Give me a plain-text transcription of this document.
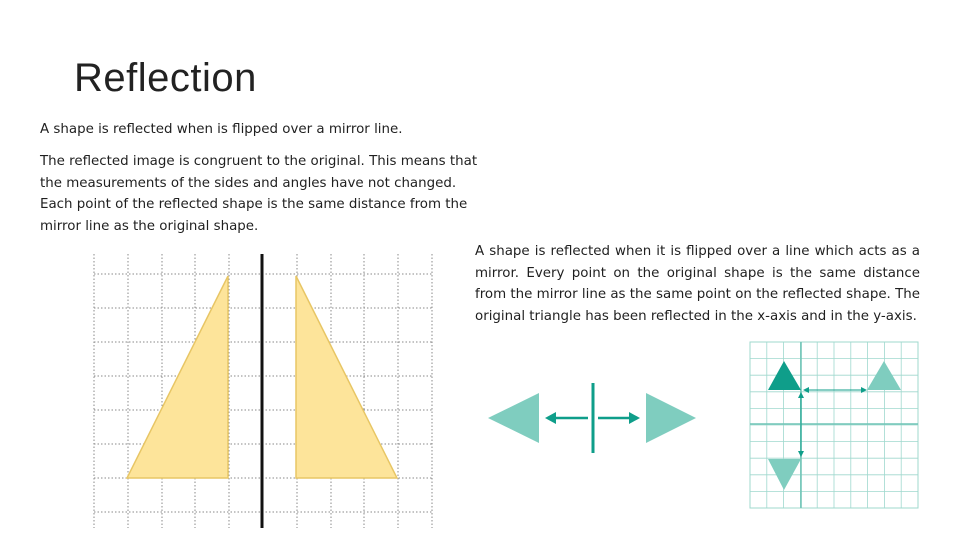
Reflection
A shape is reflected when is flipped over a mirror line.
The reflected image is congruent to the original. This means that the measurements of the sides and angles have not changed. Each point of the reflected shape is the same distance from the mirror line as the original shape.
A shape is reflected when it is flipped over a line which acts as a mirror. Every point on the original shape is the same distance from the mirror line as the same point on the reflected shape. The original triangle has been reflected in the x-axis and in the y-axis.
